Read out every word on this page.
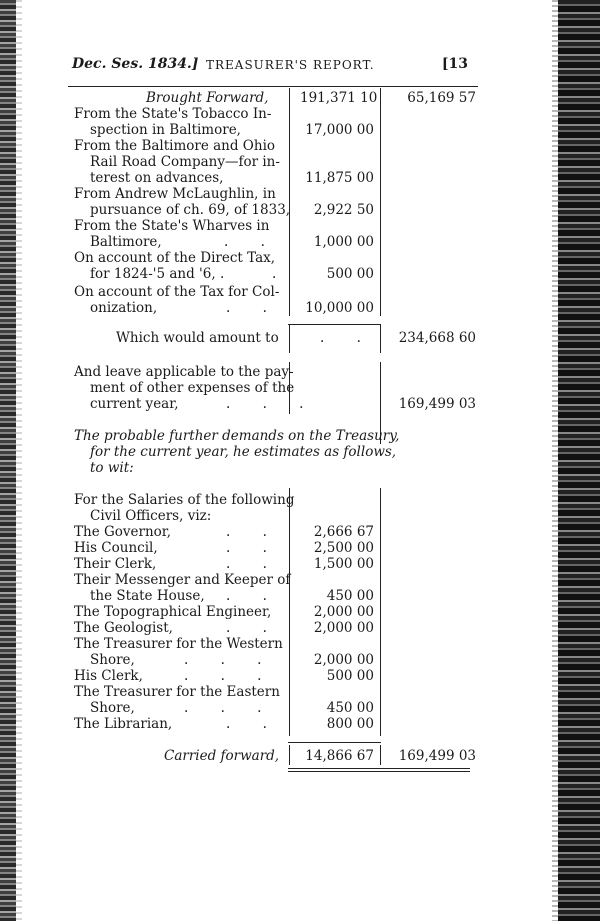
Dec. Ses. 1834.] TREASURER'S REPORT.	[13
Brought Forward, 191,371 10	65,169 57
From the State's Tobacco In-
spection in Baltimore,	17,000 00
From the Baltimore and Ohio
Rail Road Company—for in-
terest on advances,	11,875 00
From Andrew McLaughlin, in
pursuance of ch. 69, of 1833,	2,922 50
From the State's Wharves in
Baltimore,	. .	1,000 00
On account of the Direct Tax,
for 1824-'5 and '6, .	.	500 00
On account of the Tax for Col-
onization,	. .	10,000 00
Which would amount to	. .	234,668 60
And leave applicable to the pay-
ment of other expenses of the
current year,	. . .	169,499 03
The probable further demands on the Treasury,
for the current year, he estimates as follows,
to wit:
For the Salaries of the following
Civil Officers, viz:
The Governor,	. .	2,666 67
His Council,	. .	2,500 00
Their Clerk,	. .	1,500 00
Their Messenger and Keeper of
the State House, . .	450 00
The Topographical Engineer,	2,000 00
The Geologist,	. .	2,000 00
The Treasurer for the Western
Shore,	. . .	2,000 00
His Clerk,	. . .	500 00
The Treasurer for the Eastern
Shore,	. . .	450 00
The Librarian,	. .	800 00
Carried forward,	14,866 67	169,499 03
